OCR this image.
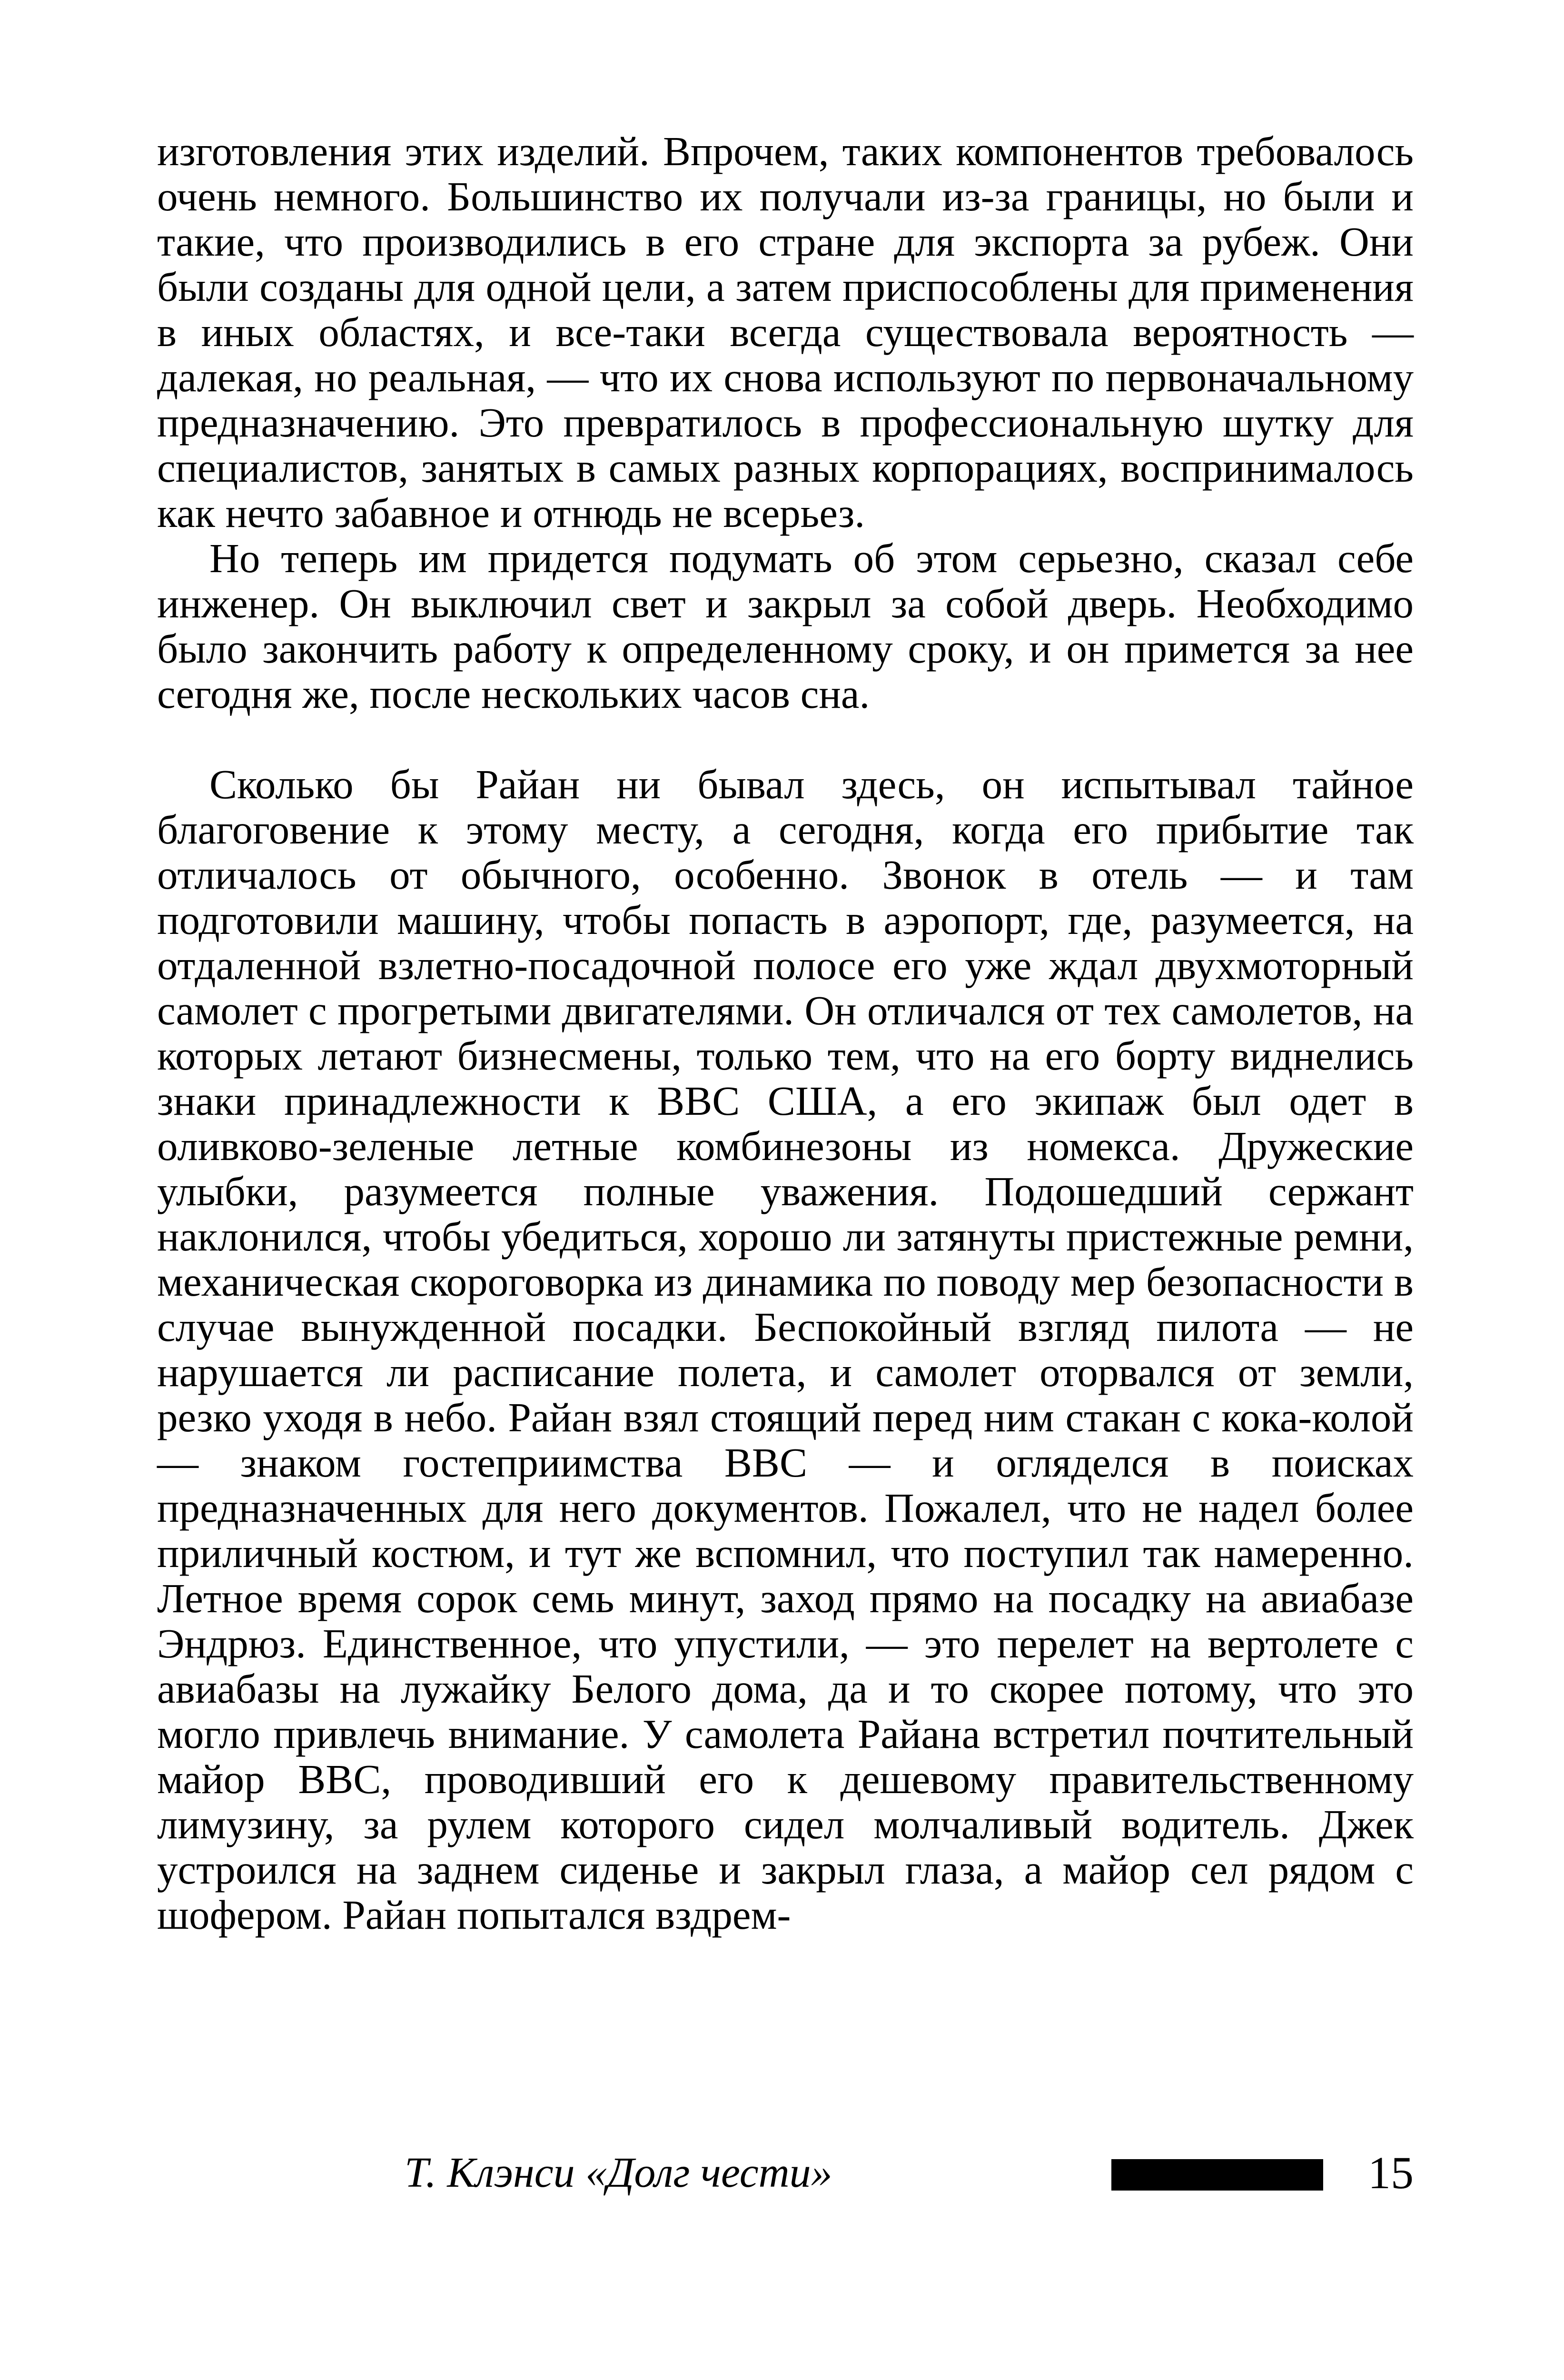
изготовления этих изделий. Впрочем, таких компонентов требовалось очень немного. Большинство их получали из-за границы, но были и такие, что производились в его стране для экспорта за рубеж. Они были созданы для одной цели, а затем приспособлены для применения в иных областях, и все-таки всегда существовала вероятность — далекая, но реальная, — что их снова используют по первоначальному предназначению. Это превратилось в профессиональную шутку для специалистов, занятых в самых разных корпорациях, воспринималось как нечто забавное и отнюдь не всерьез.

Но теперь им придется подумать об этом серьезно, сказал себе инженер. Он выключил свет и закрыл за собой дверь. Необходимо было закончить работу к определенному сроку, и он примется за нее сегодня же, после нескольких часов сна.

Сколько бы Райан ни бывал здесь, он испытывал тайное благоговение к этому месту, а сегодня, когда его прибытие так отличалось от обычного, особенно. Звонок в отель — и там подготовили машину, чтобы попасть в аэропорт, где, разумеется, на отдаленной взлетно-посадочной полосе его уже ждал двухмоторный самолет с прогретыми двигателями. Он отличался от тех самолетов, на которых летают бизнесмены, только тем, что на его борту виднелись знаки принадлежности к ВВС США, а его экипаж был одет в оливково-зеленые летные комбинезоны из номекса. Дружеские улыбки, разумеется полные уважения. Подошедший сержант наклонился, чтобы убедиться, хорошо ли затянуты пристежные ремни, механическая скороговорка из динамика по поводу мер безопасности в случае вынужденной посадки. Беспокойный взгляд пилота — не нарушается ли расписание полета, и самолет оторвался от земли, резко уходя в небо. Райан взял стоящий перед ним стакан с кока-колой — знаком гостеприимства ВВС — и огляделся в поисках предназначенных для него документов. Пожалел, что не надел более приличный костюм, и тут же вспомнил, что поступил так намеренно. Летное время сорок семь минут, заход прямо на посадку на авиабазе Эндрюз. Единственное, что упустили, — это перелет на вертолете с авиабазы на лужайку Белого дома, да и то скорее потому, что это могло привлечь внимание. У самолета Райана встретил почтительный майор ВВС, проводивший его к дешевому правительственному лимузину, за рулем которого сидел молчаливый водитель. Джек устроился на заднем сиденье и закрыл глаза, а майор сел рядом с шофером. Райан попытался вздрем-

Т. Клэнси «Долг чести»	15
